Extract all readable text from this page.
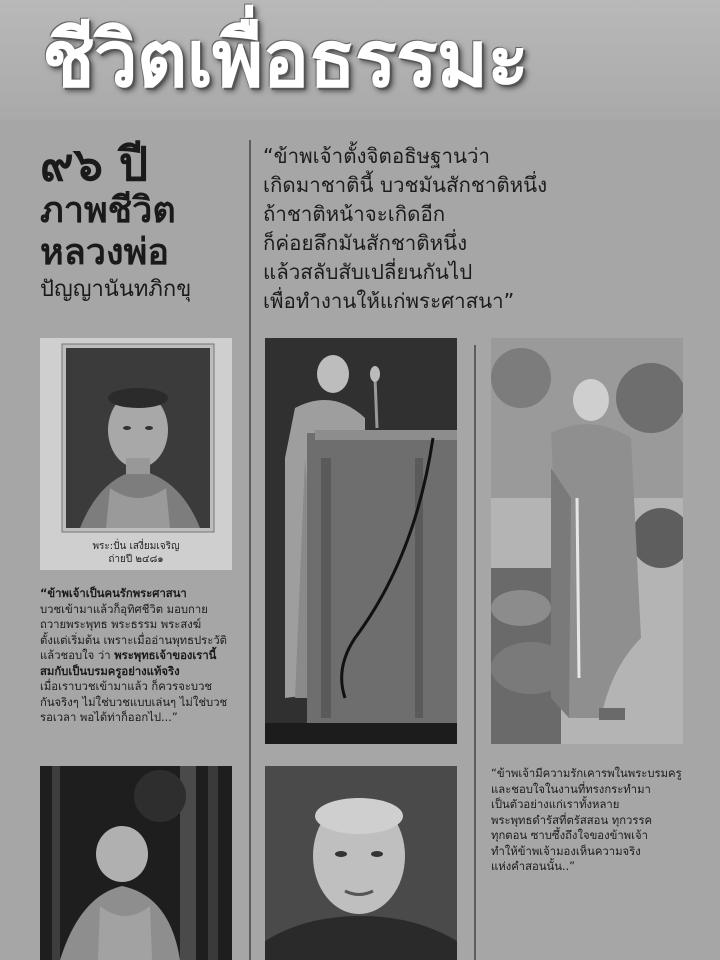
ชีวิตเพื่อธรรมะ
๙๖ ปี
ภาพชีวิต
หลวงพ่อ
ปัญญานันทภิกขุ
“ข้าพเจ้าตั้งจิตอธิษฐานว่า
เกิดมาชาตินี้ บวชมันสักชาติหนึ่ง
ถ้าชาติหน้าจะเกิดอีก
ก็ค่อยลึกมันสักชาติหนึ่ง
แล้วสลับสับเปลี่ยนกันไป
เพื่อทำงานให้แก่พระศาสนา”
พระ:ปั่น เสงี่ยมเจริญ
ถ่ายปี ๒๔๘๑
“ข้าพเจ้าเป็นคนรักพระศาสนา
บวชเข้ามาแล้วก็อุทิศชีวิต มอบกาย
ถวายพระพุทธ พระธรรม พระสงฆ์
ตั้งแต่เริ่มต้น เพราะเมื่ออ่านพุทธประวัติ
แล้วชอบใจ ว่า พระพุทธเจ้าของเรานี้
สมกับเป็นบรมครูอย่างแท้จริง
เมื่อเราบวชเข้ามาแล้ว ก็ควรจะบวช
กันจริงๆ ไม่ใช่บวชแบบเล่นๆ ไม่ใช่บวช
รอเวลา พอได้ท่าก็ออกไป...”
“ข้าพเจ้ามีความรักเคารพในพระบรมครู
และชอบใจในงานที่ทรงกระทำมา
เป็นตัวอย่างแก่เราทั้งหลาย
พระพุทธดำรัสที่ตรัสสอน ทุกวรรค
ทุกตอน ซาบซึ้งถึงใจของข้าพเจ้า
ทำให้ข้าพเจ้ามองเห็นความจริง
แห่งคำสอนนั้น..”
